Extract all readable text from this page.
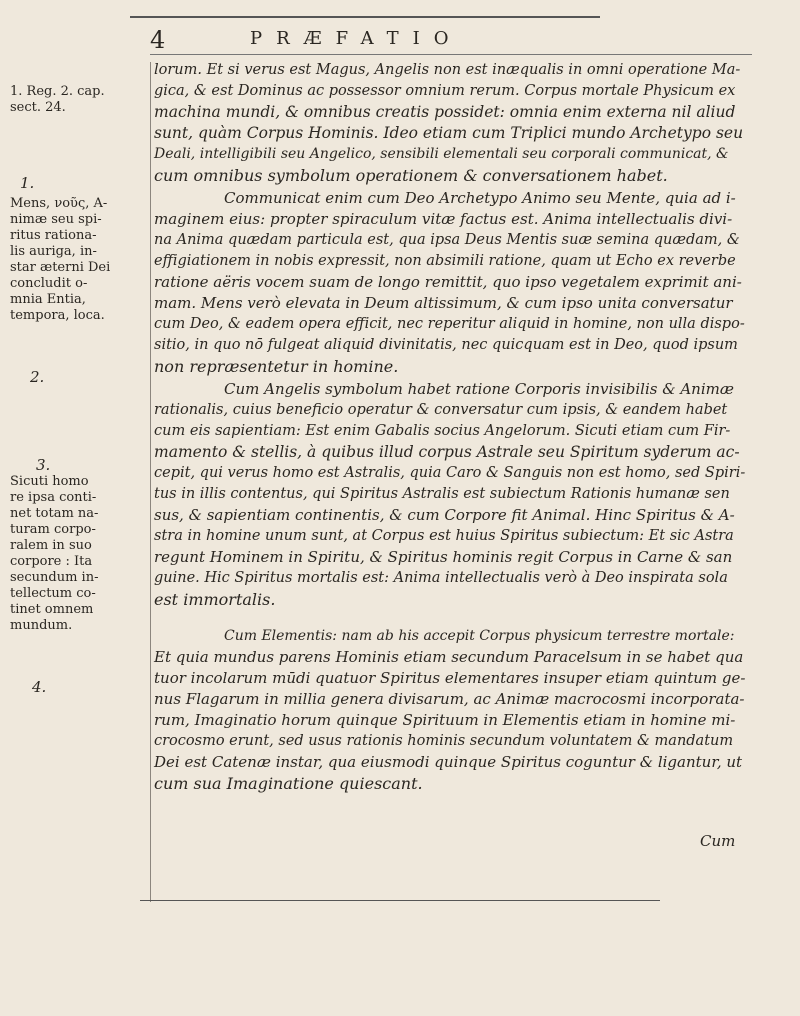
4	PRÆFATIO

1. Reg. 2. cap.

sect. 24.

1.

Mens, νοῦς, A-

nimæ seu spi-

ritus rationa-

lis auriga, in-

star æterni Dei

concludit o-

mnia Entia,

tempora, loca.

2.

3.

Sicuti homo

re ipsa conti-

net totam na-

turam corpo-

ralem in suo

corpore : Ita

secundum in-

tellectum co-

tinet omnem

mundum.

4.

lorum. Et si verus est Magus, Angelis non est inæqualis in omni operatione Ma-

gica, & est Dominus ac possessor omnium rerum. Corpus mortale Physicum ex

machina mundi, & omnibus creatis possidet: omnia enim externa nil aliud

sunt, quàm Corpus Hominis. Ideo etiam cum Triplici mundo Archetypo seu

Deali, intelligibili seu Angelico, sensibili elementali seu corporali communicat, &

cum omnibus symbolum operationem & conversationem habet.

Communicat enim cum Deo Archetypo Animo seu Mente, quia ad i-

maginem eius: propter spiraculum vitæ factus est. Anima intellectualis divi-

na Anima quædam particula est, qua ipsa Deus Mentis suæ semina quædam, &

effigiationem in nobis expressit, non absimili ratione, quam ut Echo ex reverbe

ratione aëris vocem suam de longo remittit, quo ipso vegetalem exprimit ani-

mam. Mens verò elevata in Deum altissimum, & cum ipso unita conversatur

cum Deo, & eadem opera efficit, nec reperitur aliquid in homine, non ulla dispo-

sitio, in quo nō fulgeat aliquid divinitatis, nec quicquam est in Deo, quod ipsum

non repræsentetur in homine.

Cum Angelis symbolum habet ratione Corporis invisibilis & Animæ

rationalis, cuius beneficio operatur & conversatur cum ipsis, & eandem habet

cum eis sapientiam: Est enim Gabalis socius Angelorum. Sicuti etiam cum Fir-

mamento & stellis, à quibus illud corpus Astrale seu Spiritum syderum ac-

cepit, qui verus homo est Astralis, quia Caro & Sanguis non est homo, sed Spiri-

tus in illis contentus, qui Spiritus Astralis est subiectum Rationis humanæ sen

sus, & sapientiam continentis, & cum Corpore fit Animal. Hinc Spiritus & A-

stra in homine unum sunt, at Corpus est huius Spiritus subiectum: Et sic Astra

regunt Hominem in Spiritu, & Spiritus hominis regit Corpus in Carne & san

guine. Hic Spiritus mortalis est: Anima intellectualis verò à Deo inspirata sola

est immortalis.

Cum Elementis: nam ab his accepit Corpus physicum terrestre mortale:

Et quia mundus parens Hominis etiam secundum Paracelsum in se habet qua

tuor incolarum mūdi quatuor Spiritus elementares insuper etiam quintum ge-

nus Flagarum in millia genera divisarum, ac Animæ macrocosmi incorporata-

rum, Imaginatio horum quinque Spirituum in Elementis etiam in homine mi-

crocosmo erunt, sed usus rationis hominis secundum voluntatem & mandatum

Dei est Catenæ instar, qua eiusmodi quinque Spiritus coguntur & ligantur, ut

cum sua Imaginatione quiescant.

Cum
